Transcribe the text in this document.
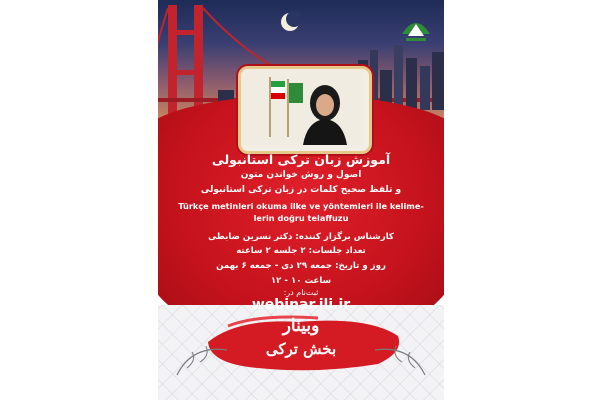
آموزش زبان ترکی استانبولی
اصول و روش خواندن متون
و تلفظ صحیح کلمات در زبان ترکی استانبولی
Türkçe metinleri okuma ilke ve yöntemleri ile kelime-lerin doğru telaffuzu
کارشناس برگزار کننده: دکتر نسرین ضابطی
تعداد جلسات: ۲ جلسه ۲ ساعته
روز و تاریخ: جمعه ۲۹ دی - جمعه ۶ بهمن
ساعت ۱۰ - ۱۲
ثبت‌نام در:
webinar.ili.ir
وبینار
بخش ترکی
